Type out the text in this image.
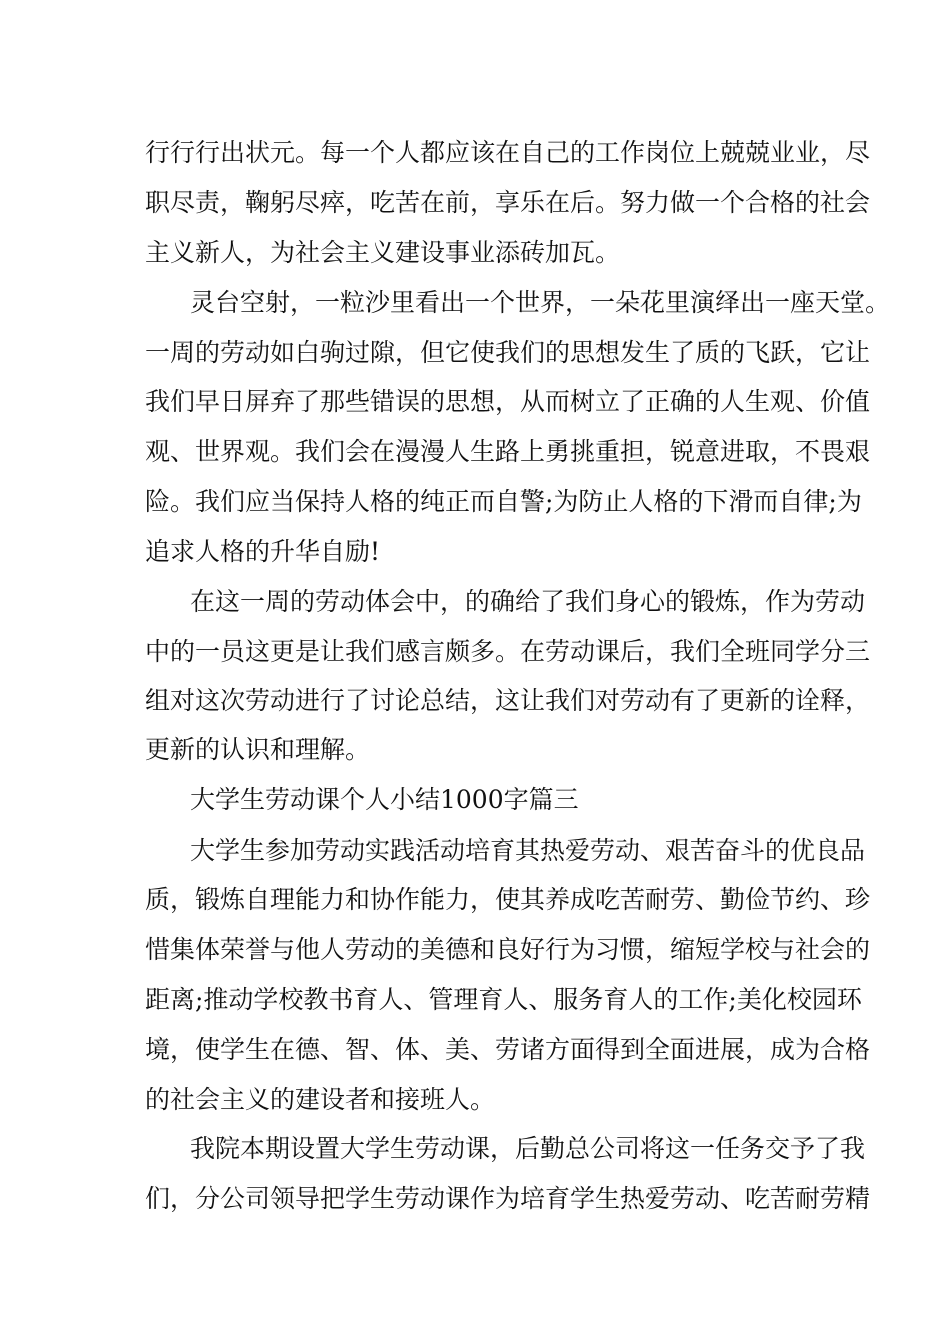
行行行出状元。每一个人都应该在自己的工作岗位上兢兢业业，尽
职尽责，鞠躬尽瘁，吃苦在前，享乐在后。努力做一个合格的社会
主义新人，为社会主义建设事业添砖加瓦。
灵台空射，一粒沙里看出一个世界，一朵花里演绎出一座天堂。
一周的劳动如白驹过隙，但它使我们的思想发生了质的飞跃，它让
我们早日屏弃了那些错误的思想，从而树立了正确的人生观、价值
观、世界观。我们会在漫漫人生路上勇挑重担，锐意进取，不畏艰
险。我们应当保持人格的纯正而自警;为防止人格的下滑而自律;为
追求人格的升华自励!
在这一周的劳动体会中，的确给了我们身心的锻炼，作为劳动
中的一员这更是让我们感言颇多。在劳动课后，我们全班同学分三
组对这次劳动进行了讨论总结，这让我们对劳动有了更新的诠释，
更新的认识和理解。
大学生劳动课个人小结1000字篇三
大学生参加劳动实践活动培育其热爱劳动、艰苦奋斗的优良品
质，锻炼自理能力和协作能力，使其养成吃苦耐劳、勤俭节约、珍
惜集体荣誉与他人劳动的美德和良好行为习惯，缩短学校与社会的
距离;推动学校教书育人、管理育人、服务育人的工作;美化校园环
境，使学生在德、智、体、美、劳诸方面得到全面进展，成为合格
的社会主义的建设者和接班人。
我院本期设置大学生劳动课，后勤总公司将这一任务交予了我
们，分公司领导把学生劳动课作为培育学生热爱劳动、吃苦耐劳精
